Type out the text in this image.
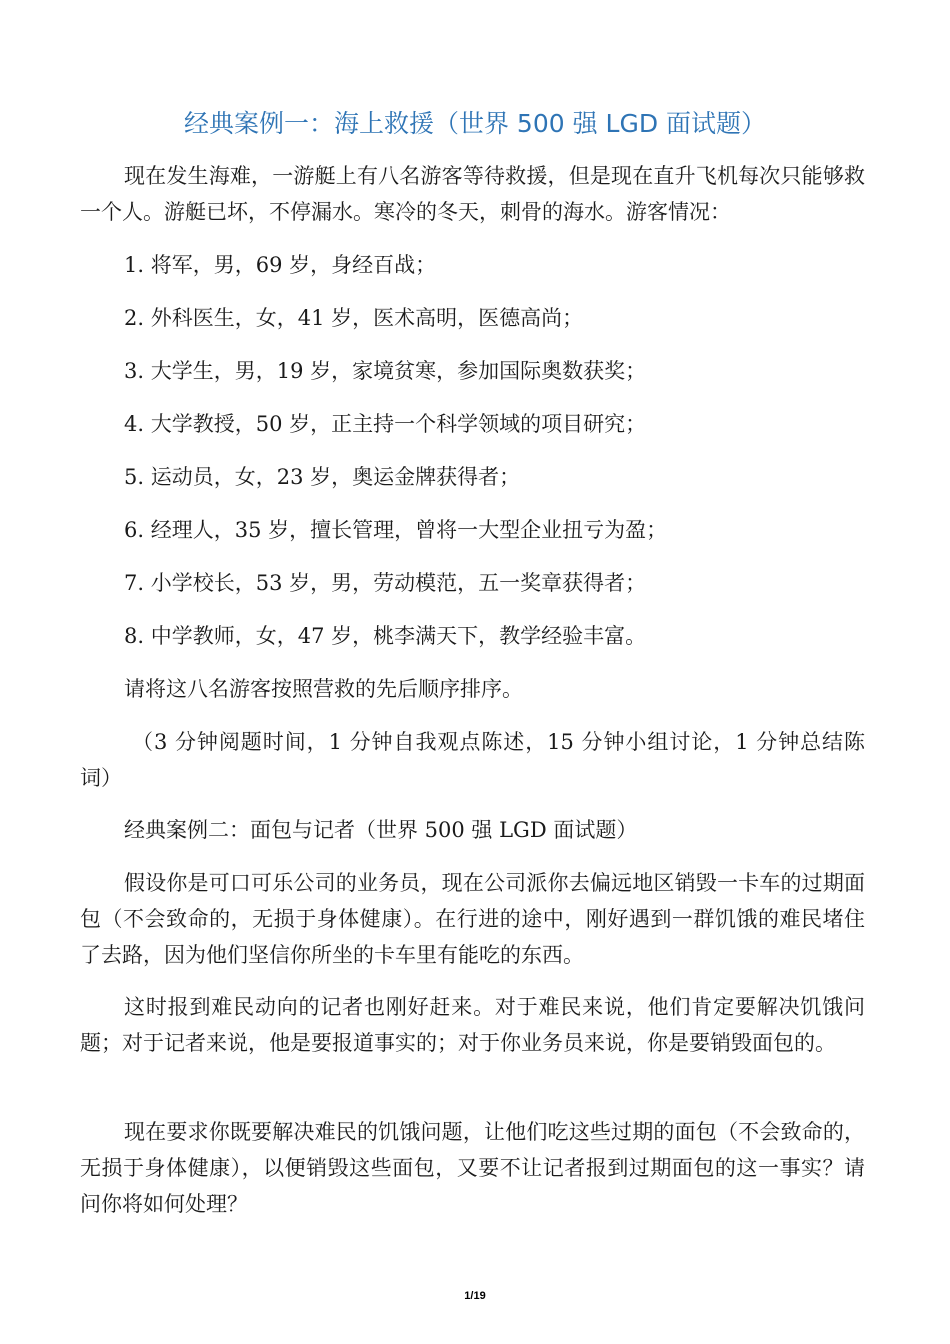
经典案例一：海上救援（世界 500 强 LGD 面试题）
现在发生海难，一游艇上有八名游客等待救援，但是现在直升飞机每次只能够救一个人。游艇已坏，不停漏水。寒冷的冬天，刺骨的海水。游客情况：
1. 将军，男，69 岁，身经百战；
2. 外科医生，女，41 岁，医术高明，医德高尚；
3. 大学生，男，19 岁，家境贫寒，参加国际奥数获奖；
4. 大学教授，50 岁，正主持一个科学领域的项目研究；
5. 运动员，女，23 岁，奥运金牌获得者；
6. 经理人，35 岁，擅长管理，曾将一大型企业扭亏为盈；
7. 小学校长，53 岁，男，劳动模范，五一奖章获得者；
8. 中学教师，女，47 岁，桃李满天下，教学经验丰富。
请将这八名游客按照营救的先后顺序排序。
（3 分钟阅题时间，1 分钟自我观点陈述，15 分钟小组讨论，1 分钟总结陈词）
经典案例二：面包与记者（世界 500 强 LGD 面试题）
假设你是可口可乐公司的业务员，现在公司派你去偏远地区销毁一卡车的过期面包（不会致命的，无损于身体健康）。在行进的途中，刚好遇到一群饥饿的难民堵住了去路，因为他们坚信你所坐的卡车里有能吃的东西。
这时报到难民动向的记者也刚好赶来。对于难民来说，他们肯定要解决饥饿问题；对于记者来说，他是要报道事实的；对于你业务员来说，你是要销毁面包的。
现在要求你既要解决难民的饥饿问题，让他们吃这些过期的面包（不会致命的，无损于身体健康），以便销毁这些面包，又要不让记者报到过期面包的这一事实？请问你将如何处理？
1/19
